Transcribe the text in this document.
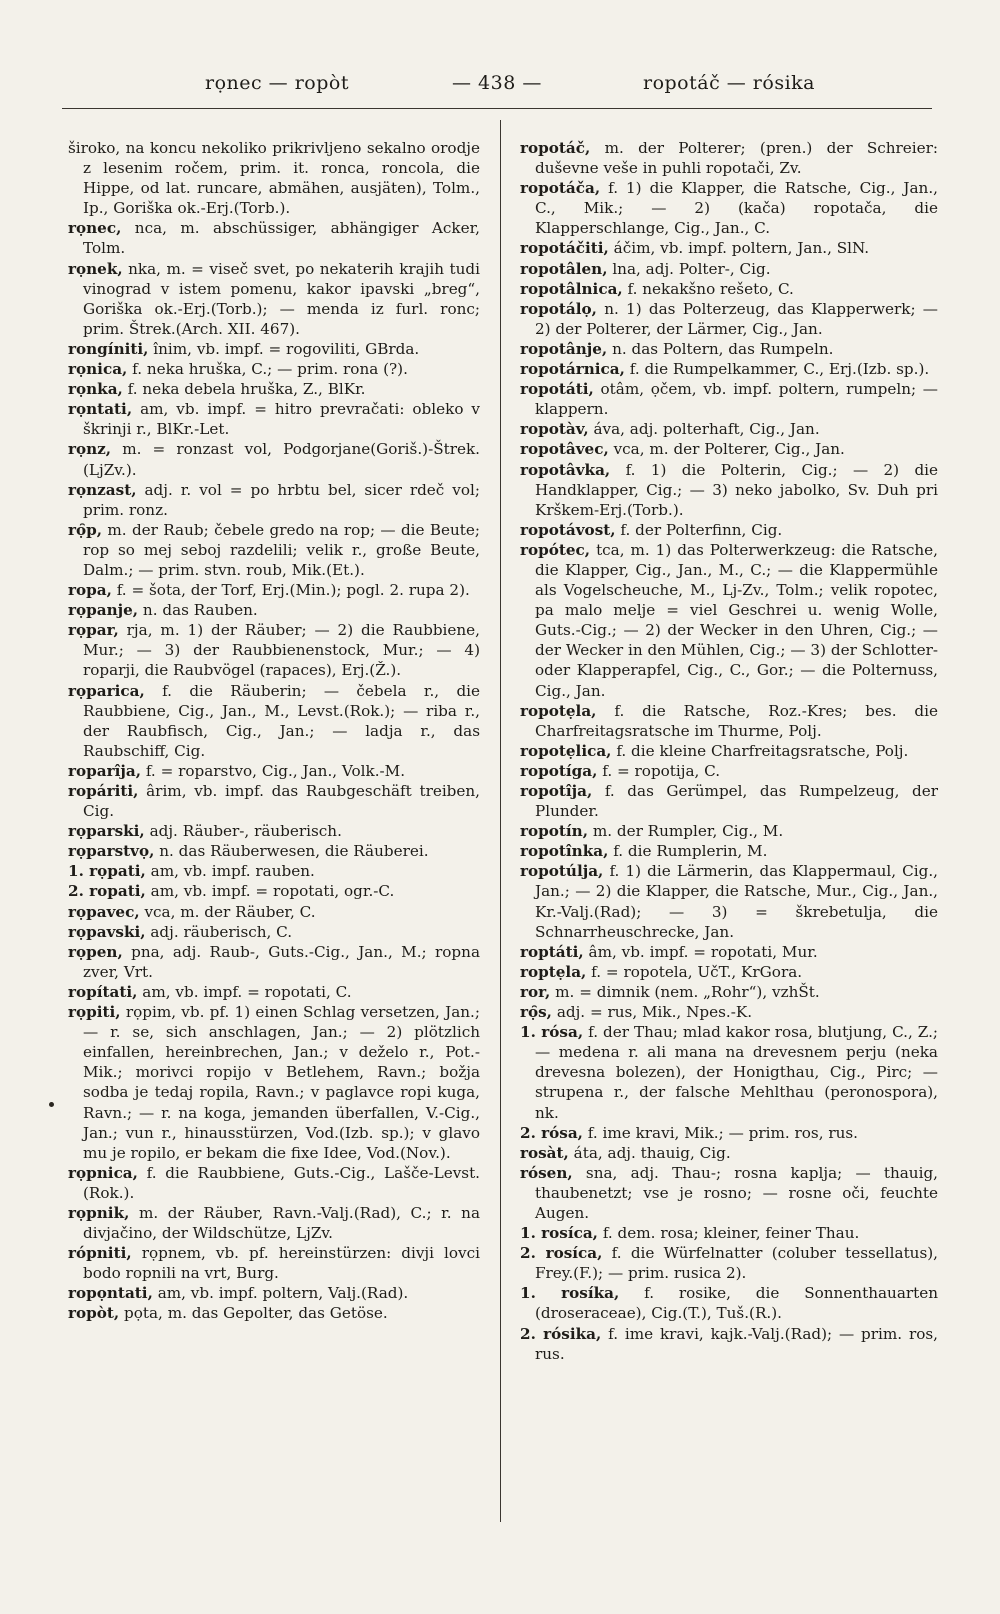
rọnec — ropòt	— 438 —	ropotáč — rósika

široko, na koncu nekoliko prikrivljeno sekalno orodje z lesenim ročem, prim. it. ronca, roncola, die Hippe, od lat. runcare, abmähen, ausjäten), Tolm., Ip., Goriška ok.-Erj.(Torb.).

rọnec, nca, m. abschüssiger, abhängiger Acker, Tolm.

rọnek, nka, m. = viseč svet, po nekaterih krajih tudi vinograd v istem pomenu, kakor ipavski „breg“, Goriška ok.-Erj.(Torb.); — menda iz furl. ronc; prim. Štrek.(Arch. XII. 467).

rongíniti, înim, vb. impf. = rogoviliti, GBrda.

rọnica, f. neka hruška, C.; — prim. rona (?).

rọnka, f. neka debela hruška, Z., BlKr.

rọntati, am, vb. impf. = hitro prevračati: obleko v škrinji r., BlKr.-Let.

rọnz, m. = ronzast vol, Podgorjane(Goriš.)-Štrek.(LjZv.).

rọnzast, adj. r. vol = po hrbtu bel, sicer rdeč vol; prim. ronz.

rọ̑p, m. der Raub; čebele gredo na rop; — die Beute; rop so mej seboj razdelili; velik r., große Beute, Dalm.; — prim. stvn. roub, Mik.(Et.).

ropa, f. = šota, der Torf, Erj.(Min.); pogl. 2. rupa 2).

rọpanje, n. das Rauben.

rọpar, rja, m. 1) der Räuber; — 2) die Raubbiene, Mur.; — 3) der Raubbienenstock, Mur.; — 4) roparji, die Raubvögel (rapaces), Erj.(Ž.).

rọparica, f. die Räuberin; — čebela r., die Raubbiene, Cig., Jan., M., Levst.(Rok.); — riba r., der Raubfisch, Cig., Jan.; — ladja r., das Raubschiff, Cig.

roparîja, f. = roparstvo, Cig., Jan., Volk.-M.

ropáriti, ârim, vb. impf. das Raubgeschäft treiben, Cig.

rọparski, adj. Räuber-, räuberisch.

rọparstvọ, n. das Räuberwesen, die Räuberei.

1. rọpati, am, vb. impf. rauben.

2. ropati, am, vb. impf. = ropotati, ogr.-C.

rọpavec, vca, m. der Räuber, C.

rọpavski, adj. räuberisch, C.

rọpen, pna, adj. Raub-, Guts.-Cig., Jan., M.; ropna zver, Vrt.

ropítati, am, vb. impf. = ropotati, C.

rọpiti, rọpim, vb. pf. 1) einen Schlag versetzen, Jan.; — r. se, sich anschlagen, Jan.; — 2) plötzlich einfallen, hereinbrechen, Jan.; v deželo r., Pot.-Mik.; morivci ropijo v Betlehem, Ravn.; božja sodba je tedaj ropila, Ravn.; v paglavce ropi kuga, Ravn.; — r. na koga, jemanden überfallen, V.-Cig., Jan.; vun r., hinausstürzen, Vod.(Izb. sp.); v glavo mu je ropilo, er bekam die fixe Idee, Vod.(Nov.).

rọpnica, f. die Raubbiene, Guts.-Cig., Lašče-Levst.(Rok.).

rọpnik, m. der Räuber, Ravn.-Valj.(Rad), C.; r. na divjačino, der Wildschütze, LjZv.

rópniti, rọpnem, vb. pf. hereinstürzen: divji lovci bodo ropnili na vrt, Burg.

ropọntati, am, vb. impf. poltern, Valj.(Rad).

ropòt, pọta, m. das Gepolter, das Getöse.

ropotáč, m. der Polterer; (pren.) der Schreier: duševne veše in puhli ropotači, Zv.

ropotáča, f. 1) die Klapper, die Ratsche, Cig., Jan., C., Mik.; — 2) (kača) ropotača, die Klapperschlange, Cig., Jan., C.

ropotáčiti, áčim, vb. impf. poltern, Jan., SlN.

ropotâlen, lna, adj. Polter-, Cig.

ropotâlnica, f. nekakšno rešeto, C.

ropotálọ, n. 1) das Polterzeug, das Klapperwerk; — 2) der Polterer, der Lärmer, Cig., Jan.

ropotânje, n. das Poltern, das Rumpeln.

ropotárnica, f. die Rumpelkammer, C., Erj.(Izb. sp.).

ropotáti, otâm, ọčem, vb. impf. poltern, rumpeln; — klappern.

ropotàv, áva, adj. polterhaft, Cig., Jan.

ropotâvec, vca, m. der Polterer, Cig., Jan.

ropotâvka, f. 1) die Polterin, Cig.; — 2) die Handklapper, Cig.; — 3) neko jabolko, Sv. Duh pri Krškem-Erj.(Torb.).

ropotávost, f. der Polterfinn, Cig.

ropótec, tca, m. 1) das Polterwerkzeug: die Ratsche, die Klapper, Cig., Jan., M., C.; — die Klappermühle als Vogelscheuche, M., Lj-Zv., Tolm.; velik ropotec, pa malo melje = viel Geschrei u. wenig Wolle, Guts.-Cig.; — 2) der Wecker in den Uhren, Cig.; — der Wecker in den Mühlen, Cig.; — 3) der Schlotter- oder Klapperapfel, Cig., C., Gor.; — die Polternuss, Cig., Jan.

ropotẹla, f. die Ratsche, Roz.-Kres; bes. die Charfreitagsratsche im Thurme, Polj.

ropotẹlica, f. die kleine Charfreitagsratsche, Polj.

ropotíga, f. = ropotija, C.

ropotîja, f. das Gerümpel, das Rumpelzeug, der Plunder.

ropotín, m. der Rumpler, Cig., M.

ropotînka, f. die Rumplerin, M.

ropotúlja, f. 1) die Lärmerin, das Klappermaul, Cig., Jan.; — 2) die Klapper, die Ratsche, Mur., Cig., Jan., Kr.-Valj.(Rad); — 3) = škrebetulja, die Schnarrheuschrecke, Jan.

roptáti, âm, vb. impf. = ropotati, Mur.

roptẹla, f. = ropotela, UčT., KrGora.

ror, m. = dimnik (nem. „Rohr“), vzhŠt.

rọ̑s, adj. = rus, Mik., Npes.-K.

1. rósa, f. der Thau; mlad kakor rosa, blutjung, C., Z.; — medena r. ali mana na drevesnem perju (neka drevesna bolezen), der Honigthau, Cig., Pirc; — strupena r., der falsche Mehlthau (peronospora), nk.

2. rósa, f. ime kravi, Mik.; — prim. ros, rus.

rosàt, áta, adj. thauig, Cig.

rósen, sna, adj. Thau-; rosna kaplja; — thauig, thaubenetzt; vse je rosno; — rosne oči, feuchte Augen.

1. rosíca, f. dem. rosa; kleiner, feiner Thau.

2. rosíca, f. die Würfelnatter (coluber tessellatus), Frey.(F.); — prim. rusica 2).

1. rosíka, f. rosike, die Sonnenthauarten (droseraceae), Cig.(T.), Tuš.(R.).

2. rósika, f. ime kravi, kajk.-Valj.(Rad); — prim. ros, rus.
